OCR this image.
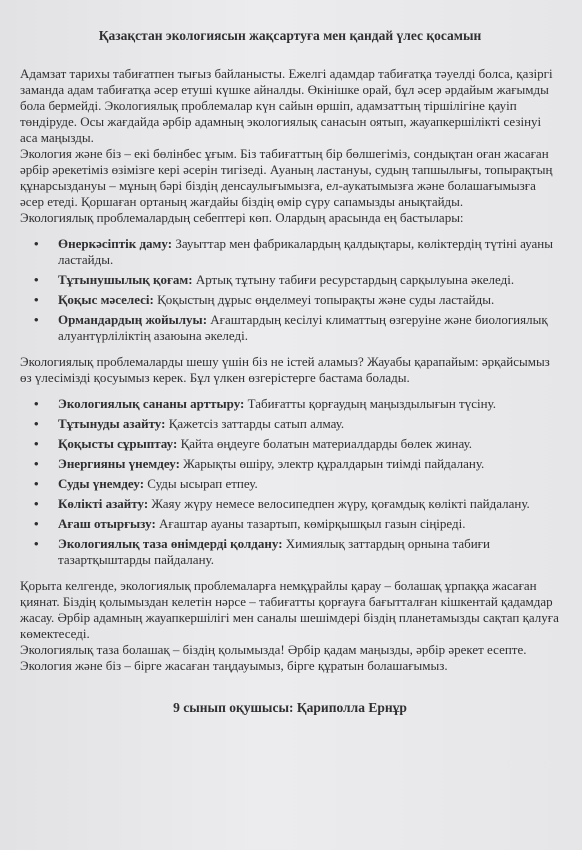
Қазақстан экологиясын жақсартуға мен қандай үлес қосамын

Адамзат тарихы табиғатпен тығыз байланысты. Ежелгі адамдар табиғатқа тәуелді болса, қазіргі заманда адам табиғатқа әсер етуші күшке айналды. Өкінішке орай, бұл әсер әрдайым жағымды бола бермейді. Экологиялық проблемалар күн сайын өршіп, адамзаттың тіршілігіне қауіп төндіруде. Осы жағдайда әрбір адамның экологиялық санасын оятып, жауапкершілікті сезінуі аса маңызды.

Экология және біз – екі бөлінбес ұғым. Біз табиғаттың бір бөлшегіміз, сондықтан оған жасаған әрбір әрекетіміз өзімізге кері әсерін тигізеді. Ауаның ластануы, судың тапшылығы, топырақтың құнарсыздануы – мұның бәрі біздің денсаулығымызға, ел-аукатымызға және болашағымызға әсер етеді. Қоршаған ортаның жағдайы біздің өмір сүру сапамызды анықтайды.

Экологиялық проблемалардың себептері көп. Олардың арасында ең бастылары:

• Өнеркәсіптік даму: Зауыттар мен фабрикалардың қалдықтары, көліктердің түтіні ауаны ластайды.
• Тұтынушылық қоғам: Артық тұтыну табиғи ресурстардың сарқылуына әкеледі.
• Қоқыс мәселесі: Қоқыстың дұрыс өңделмеуі топырақты және суды ластайды.
• Ормандардың жойылуы: Ағаштардың кесілуі климаттың өзгеруіне және биологиялық алуантүрліліктің азаюына әкеледі.

Экологиялық проблемаларды шешу үшін біз не істей аламыз? Жауабы қарапайым: әрқайсымыз өз үлесімізді қосуымыз керек. Бұл үлкен өзгерістерге бастама болады.

• Экологиялық сананы арттыру: Табиғатты қорғаудың маңыздылығын түсіну.
• Тұтынуды азайту: Қажетсіз заттарды сатып алмау.
• Қоқысты сұрыптау: Қайта өңдеуге болатын материалдарды бөлек жинау.
• Энергияны үнемдеу: Жарықты өшіру, электр құралдарын тиімді пайдалану.
• Суды үнемдеу: Суды ысырап етпеу.
• Көлікті азайту: Жаяу жүру немесе велосипедпен жүру, қоғамдық көлікті пайдалану.
• Ағаш отырғызу: Ағаштар ауаны тазартып, көмірқышқыл газын сіңіреді.
• Экологиялық таза өнімдерді қолдану: Химиялық заттардың орнына табиғи тазартқыштарды пайдалану.

Қорыта келгенде, экологиялық проблемаларға немқұрайлы қарау – болашақ ұрпаққа жасаған қиянат. Біздің қолымыздан келетін нәрсе – табиғатты қорғауға бағытталған кішкентай қадамдар жасау. Әрбір адамның жауапкершілігі мен саналы шешімдері біздің планетамызды сақтап қалуға көмектеседі.

Экологиялық таза болашақ – біздің қолымызда! Әрбір қадам маңызды, әрбір әрекет есепте. Экология және біз – бірге жасаған таңдауымыз, бірге құратын болашағымыз.

9 сынып оқушысы: Қариполла Ернұр
